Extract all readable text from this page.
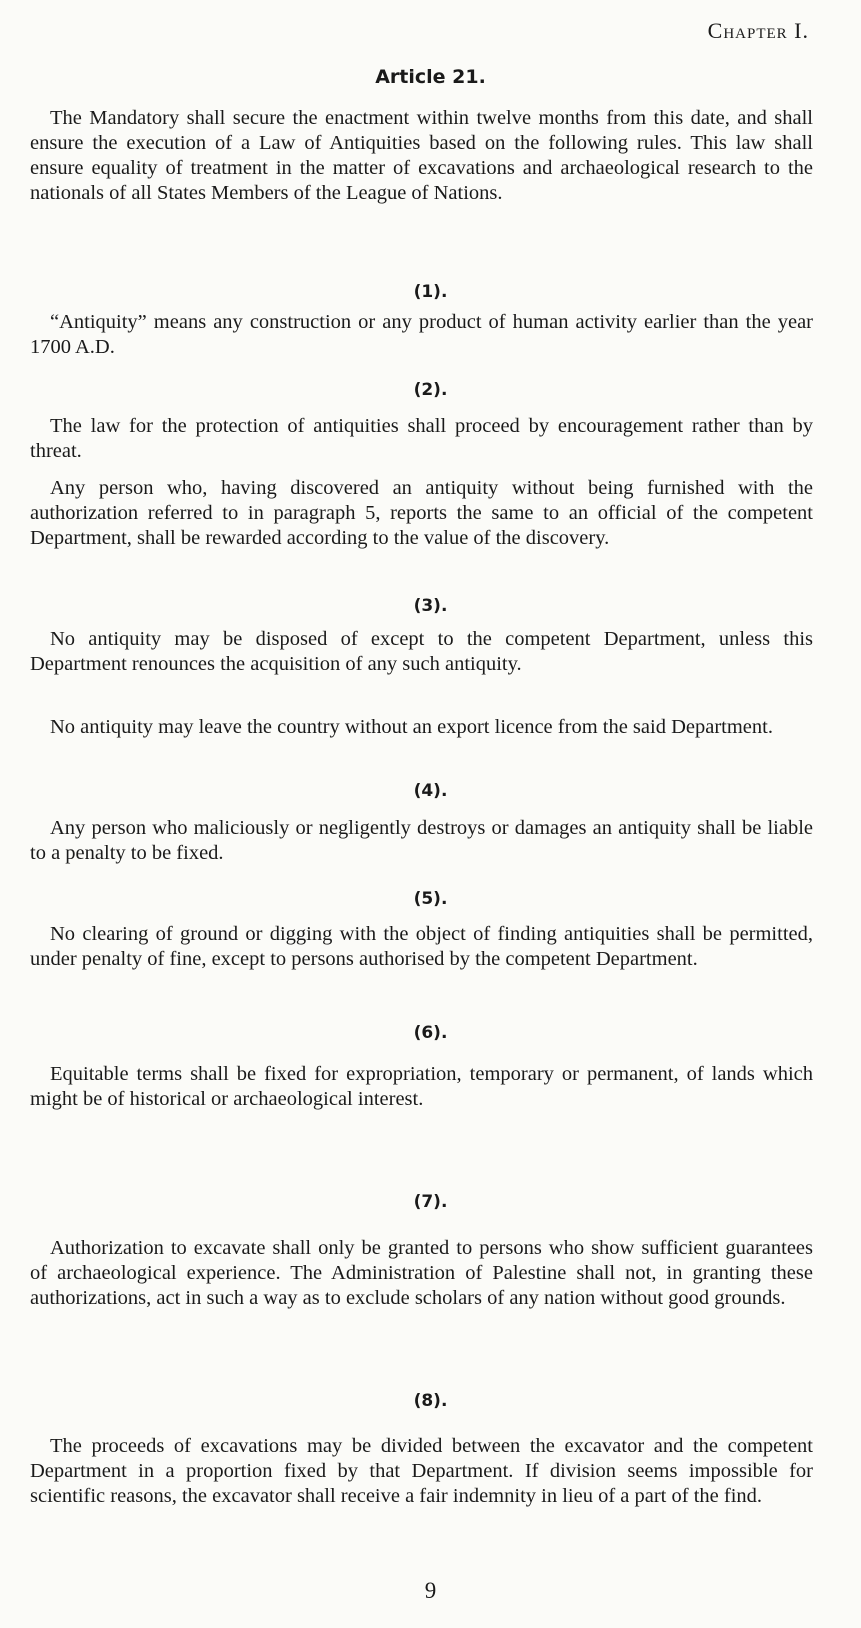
Chapter I.
Article 21.
The Mandatory shall secure the enactment within twelve months from this date, and shall ensure the execution of a Law of Antiquities based on the following rules. This law shall ensure equality of treatment in the matter of excavations and archaeological research to the nationals of all States Members of the League of Nations.
(1).
“Antiquity” means any construction or any product of human activity earlier than the year 1700 A.D.
(2).
The law for the protection of antiquities shall proceed by encouragement rather than by threat.
Any person who, having discovered an antiquity without being furnished with the authorization referred to in paragraph 5, reports the same to an official of the competent Department, shall be rewarded according to the value of the discovery.
(3).
No antiquity may be disposed of except to the competent Department, unless this Department renounces the acquisition of any such antiquity.
No antiquity may leave the country without an export licence from the said Department.
(4).
Any person who maliciously or negligently destroys or damages an antiquity shall be liable to a penalty to be fixed.
(5).
No clearing of ground or digging with the object of finding antiquities shall be permitted, under penalty of fine, except to persons authorised by the competent Department.
(6).
Equitable terms shall be fixed for expropriation, temporary or permanent, of lands which might be of historical or archaeological interest.
(7).
Authorization to excavate shall only be granted to persons who show sufficient guarantees of archaeological experience. The Administration of Palestine shall not, in granting these authorizations, act in such a way as to exclude scholars of any nation without good grounds.
(8).
The proceeds of excavations may be divided between the excavator and the competent Department in a proportion fixed by that Department. If division seems impossible for scientific reasons, the excavator shall receive a fair indemnity in lieu of a part of the find.
9
